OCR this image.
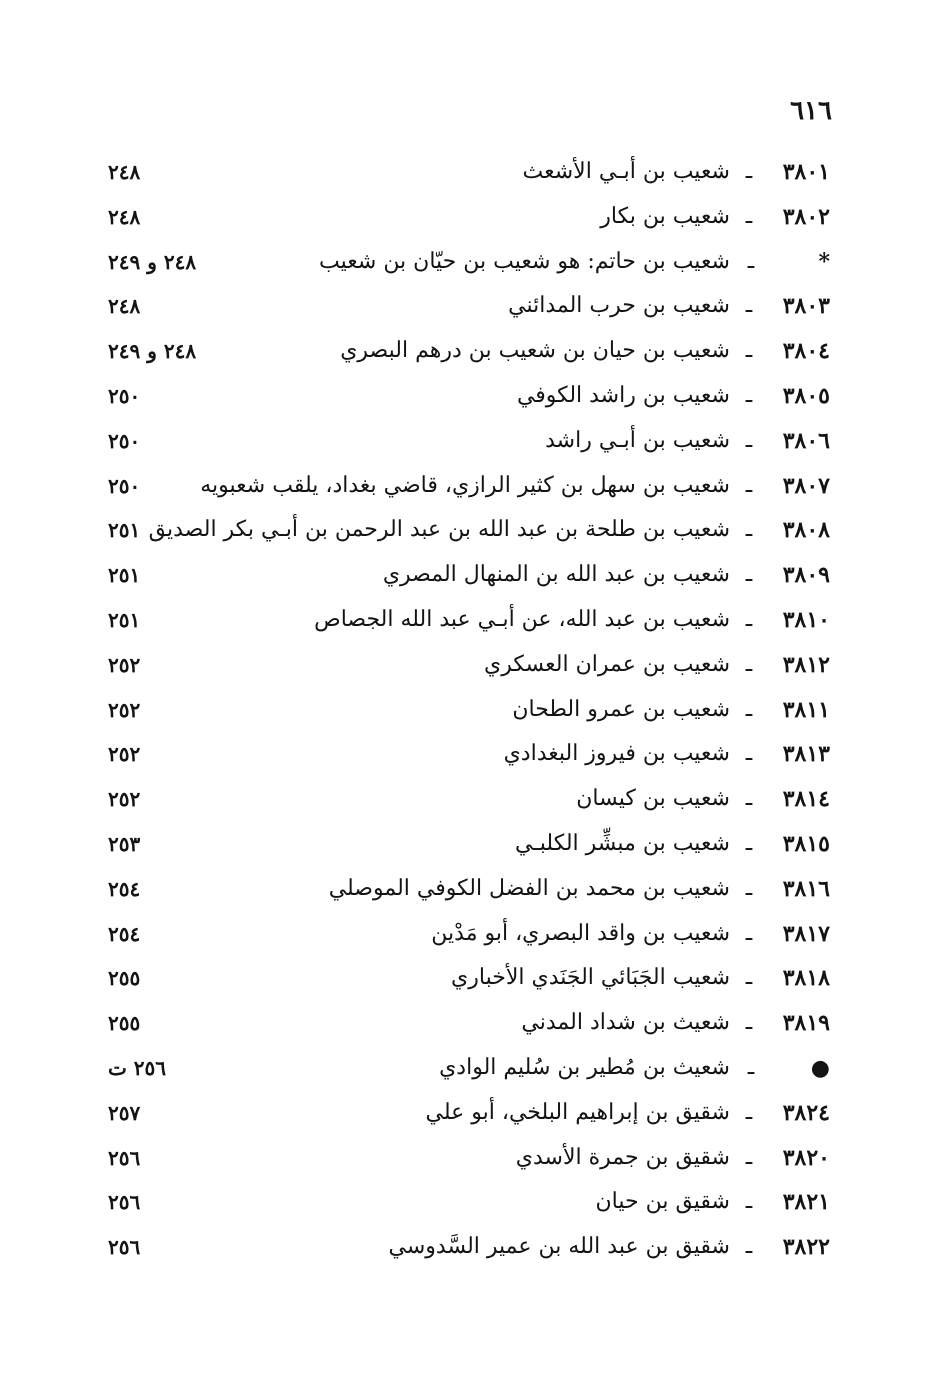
٦١٦
٣٨٠١
ـ
شعيب بن أبـي الأشعث
٢٤٨
٣٨٠٢
ـ
شعيب بن بكار
٢٤٨
*
ـ
شعيب بن حاتم: هو شعيب بن حيّان بن شعيب
٢٤٨ و ٢٤٩
٣٨٠٣
ـ
شعيب بن حرب المدائني
٢٤٨
٣٨٠٤
ـ
شعيب بن حيان بن شعيب بن درهم البصري
٢٤٨ و ٢٤٩
٣٨٠٥
ـ
شعيب بن راشد الكوفي
٢٥٠
٣٨٠٦
ـ
شعيب بن أبـي راشد
٢٥٠
٣٨٠٧
ـ
شعيب بن سهل بن كثير الرازي، قاضي بغداد، يلقب شعبويه
٢٥٠
٣٨٠٨
ـ
شعيب بن طلحة بن عبد الله بن عبد الرحمن بن أبـي بكر الصديق
٢٥١
٣٨٠٩
ـ
شعيب بن عبد الله بن المنهال المصري
٢٥١
٣٨١٠
ـ
شعيب بن عبد الله، عن أبـي عبد الله الجصاص
٢٥١
٣٨١٢
ـ
شعيب بن عمران العسكري
٢٥٢
٣٨١١
ـ
شعيب بن عمرو الطحان
٢٥٢
٣٨١٣
ـ
شعيب بن فيروز البغدادي
٢٥٢
٣٨١٤
ـ
شعيب بن كيسان
٢٥٢
٣٨١٥
ـ
شعيب بن مبشِّر الكلبـي
٢٥٣
٣٨١٦
ـ
شعيب بن محمد بن الفضل الكوفي الموصلي
٢٥٤
٣٨١٧
ـ
شعيب بن واقد البصري، أبو مَدْين
٢٥٤
٣٨١٨
ـ
شعيب الجَبَائي الجَنَدي الأخباري
٢٥٥
٣٨١٩
ـ
شعيث بن شداد المدني
٢٥٥
●
ـ
شعيث بن مُطير بن سُليم الوادي
٢٥٦ ت
٣٨٢٤
ـ
شقيق بن إبراهيم البلخي، أبو علي
٢٥٧
٣٨٢٠
ـ
شقيق بن جمرة الأسدي
٢٥٦
٣٨٢١
ـ
شقيق بن حيان
٢٥٦
٣٨٢٢
ـ
شقيق بن عبد الله بن عمير السَّدوسي
٢٥٦
